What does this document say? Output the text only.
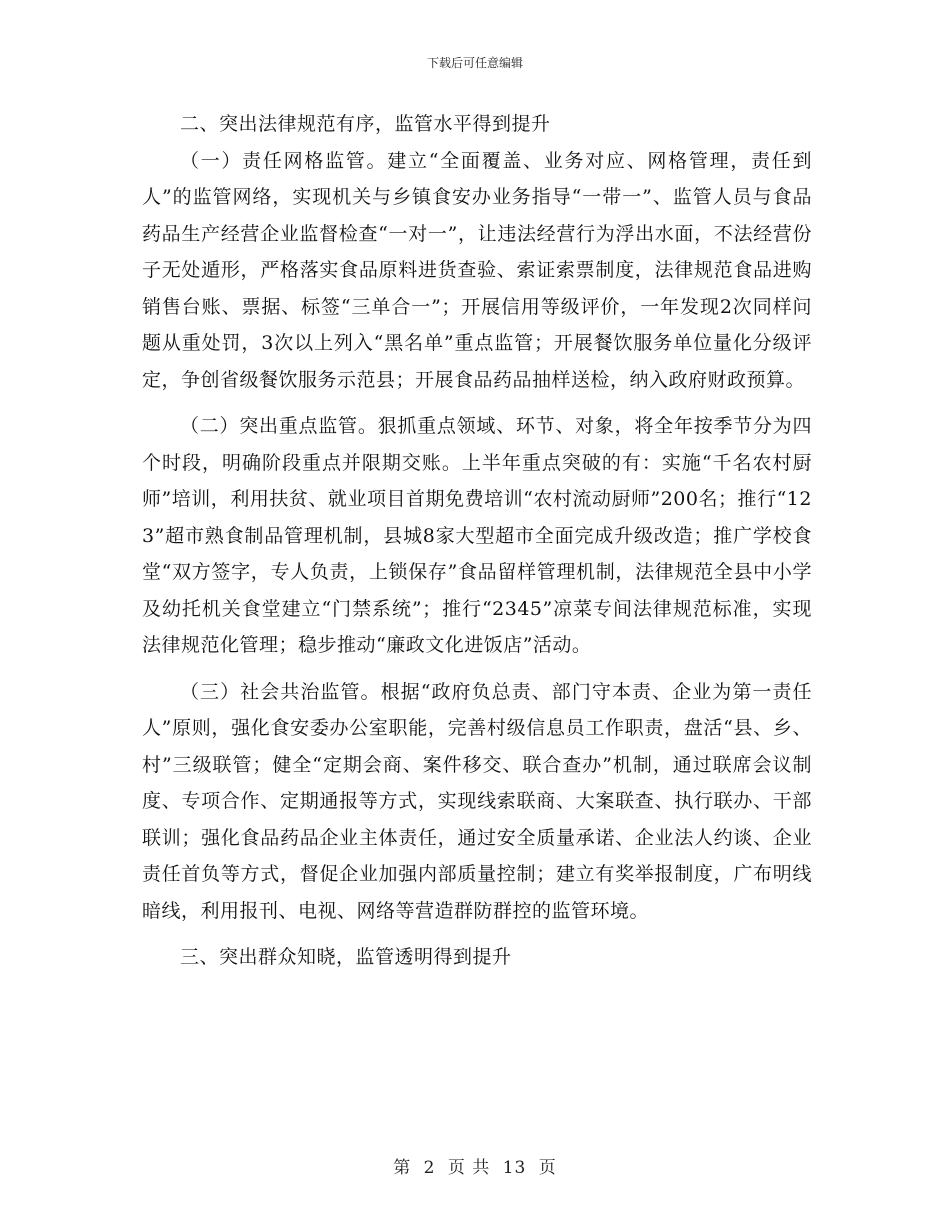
下载后可任意编辑

二、突出法律规范有序，监管水平得到提升

（一）责任网格监管。建立“全面覆盖、业务对应、网格管理，责任到人”的监管网络，实现机关与乡镇食安办业务指导“一带一”、监管人员与食品药品生产经营企业监督检查“一对一”，让违法经营行为浮出水面，不法经营份子无处遁形，严格落实食品原料进货查验、索证索票制度，法律规范食品进购销售台账、票据、标签“三单合一”；开展信用等级评价，一年发现2次同样问题从重处罚，3次以上列入“黑名单”重点监管；开展餐饮服务单位量化分级评定，争创省级餐饮服务示范县；开展食品药品抽样送检，纳入政府财政预算。

（二）突出重点监管。狠抓重点领域、环节、对象，将全年按季节分为四个时段，明确阶段重点并限期交账。上半年重点突破的有：实施“千名农村厨师”培训，利用扶贫、就业项目首期免费培训“农村流动厨师”200名；推行“123”超市熟食制品管理机制，县城8家大型超市全面完成升级改造；推广学校食堂“双方签字，专人负责，上锁保存”食品留样管理机制，法律规范全县中小学及幼托机关食堂建立“门禁系统”；推行“2345”凉菜专间法律规范标准，实现法律规范化管理；稳步推动“廉政文化进饭店”活动。

（三）社会共治监管。根据“政府负总责、部门守本责、企业为第一责任人”原则，强化食安委办公室职能，完善村级信息员工作职责，盘活“县、乡、村”三级联管；健全“定期会商、案件移交、联合查办”机制，通过联席会议制度、专项合作、定期通报等方式，实现线索联商、大案联查、执行联办、干部联训；强化食品药品企业主体责任，通过安全质量承诺、企业法人约谈、企业责任首负等方式，督促企业加强内部质量控制；建立有奖举报制度，广布明线暗线，利用报刊、电视、网络等营造群防群控的监管环境。

三、突出群众知晓，监管透明得到提升

第 2 页 共 13 页
